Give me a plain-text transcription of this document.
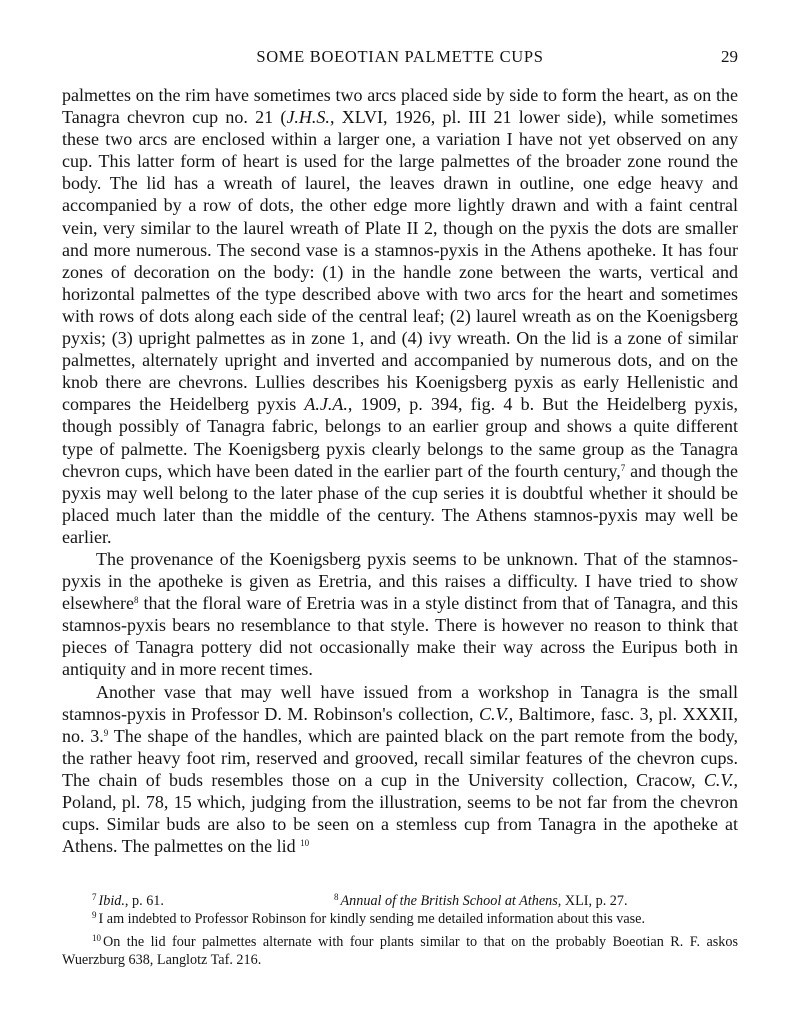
SOME BOEOTIAN PALMETTE CUPS	29

palmettes on the rim have sometimes two arcs placed side by side to form the heart, as on the Tanagra chevron cup no. 21 (J.H.S., XLVI, 1926, pl. III 21 lower side), while sometimes these two arcs are enclosed within a larger one, a variation I have not yet observed on any cup. This latter form of heart is used for the large palmettes of the broader zone round the body. The lid has a wreath of laurel, the leaves drawn in outline, one edge heavy and accompanied by a row of dots, the other edge more lightly drawn and with a faint central vein, very similar to the laurel wreath of Plate II 2, though on the pyxis the dots are smaller and more numerous. The second vase is a stamnos-pyxis in the Athens apotheke. It has four zones of decoration on the body: (1) in the handle zone between the warts, vertical and horizontal palmettes of the type described above with two arcs for the heart and sometimes with rows of dots along each side of the central leaf; (2) laurel wreath as on the Koenigsberg pyxis; (3) upright palmettes as in zone 1, and (4) ivy wreath. On the lid is a zone of similar palmettes, alternately upright and inverted and accompanied by numerous dots, and on the knob there are chevrons. Lullies describes his Koenigsberg pyxis as early Hellenistic and compares the Heidelberg pyxis A.J.A., 1909, p. 394, fig. 4 b. But the Heidelberg pyxis, though possibly of Tanagra fabric, belongs to an earlier group and shows a quite different type of palmette. The Koenigsberg pyxis clearly belongs to the same group as the Tanagra chevron cups, which have been dated in the earlier part of the fourth century,$^7$ and though the pyxis may well belong to the later phase of the cup series it is doubtful whether it should be placed much later than the middle of the century. The Athens stamnos-pyxis may well be earlier.

The provenance of the Koenigsberg pyxis seems to be unknown. That of the stamnos-pyxis in the apotheke is given as Eretria, and this raises a difficulty. I have tried to show elsewhere$^8$ that the floral ware of Eretria was in a style distinct from that of Tanagra, and this stamnos-pyxis bears no resemblance to that style. There is however no reason to think that pieces of Tanagra pottery did not occasionally make their way across the Euripus both in antiquity and in more recent times.

Another vase that may well have issued from a workshop in Tanagra is the small stamnos-pyxis in Professor D. M. Robinson's collection, C.V., Baltimore, fasc. 3, pl. XXXII, no. 3.$^9$ The shape of the handles, which are painted black on the part remote from the body, the rather heavy foot rim, reserved and grooved, recall similar features of the chevron cups. The chain of buds resembles those on a cup in the University collection, Cracow, C.V., Poland, pl. 78, 15 which, judging from the illustration, seems to be not far from the chevron cups. Similar buds are also to be seen on a stemless cup from Tanagra in the apotheke at Athens. The palmettes on the lid $^{10}$

$^7$ Ibid., p. 61.	$^8$ Annual of the British School at Athens, XLI, p. 27.

$^9$ I am indebted to Professor Robinson for kindly sending me detailed information about this vase.

$^{10}$ On the lid four palmettes alternate with four plants similar to that on the probably Boeotian R. F. askos Wuerzburg 638, Langlotz Taf. 216.
